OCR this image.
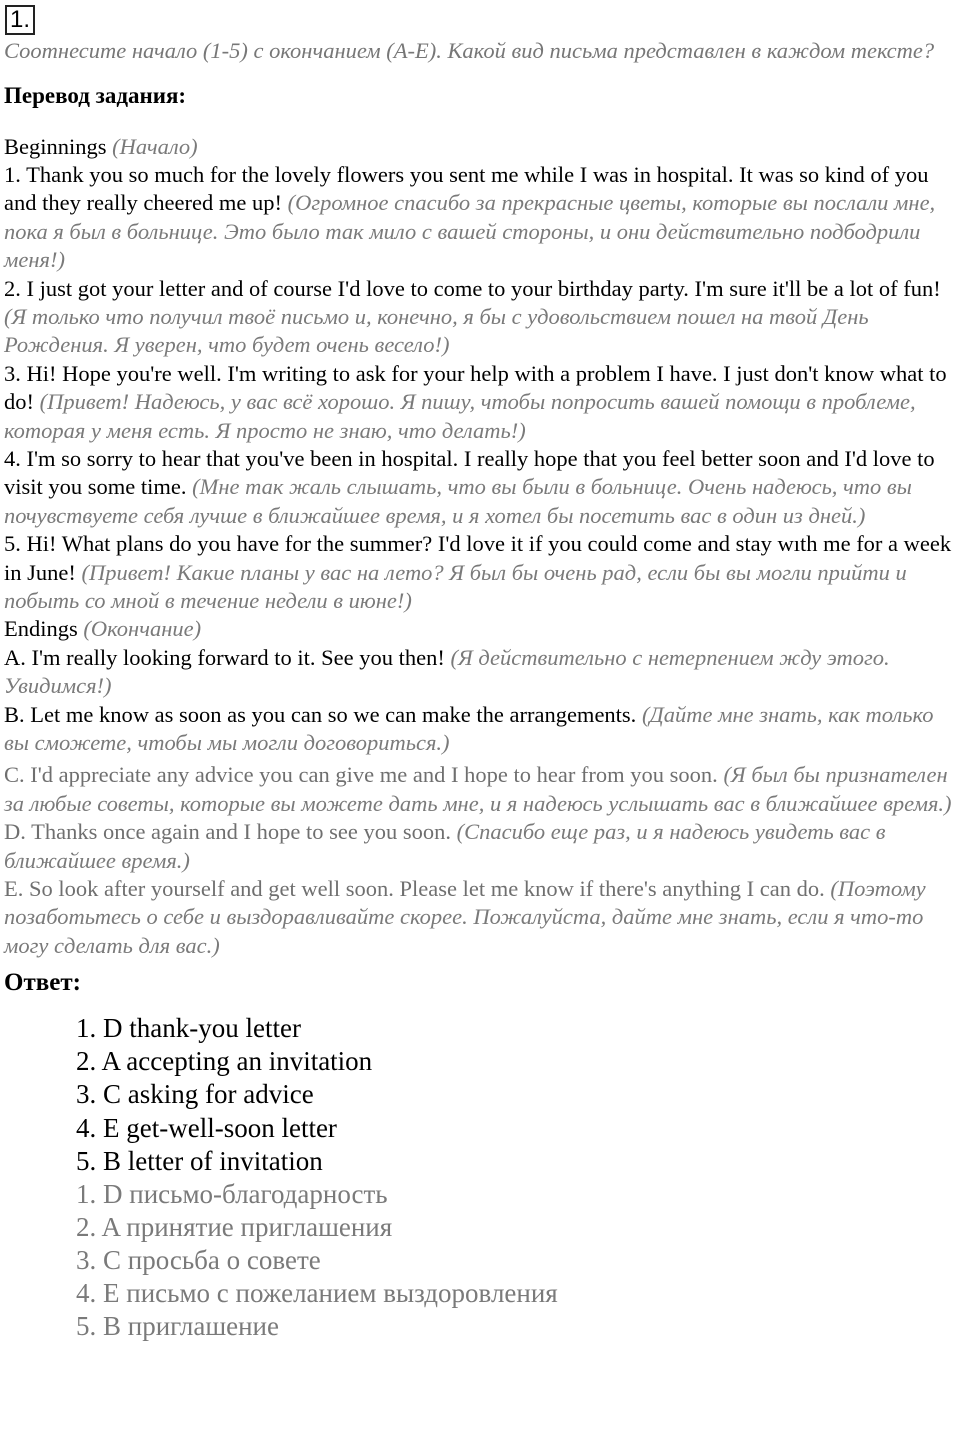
1.

Соотнесите начало (1-5) с окончанием (A-E). Какой вид письма представлен в каждом тексте?

Перевод задания:

Beginnings (Начало)

1. Thank you so much for the lovely flowers you sent me while I was in hospital. It was so kind of you and they really cheered me up! (Огромное спасибо за прекрасные цветы, которые вы послали мне, пока я был в больнице. Это было так мило с вашей стороны, и они действительно подбодрили меня!)

2. I just got your letter and of course I'd love to come to your birthday party. I'm sure it'll be a lot of fun! (Я только что получил твоё письмо и, конечно, я бы с удовольствием пошел на твой День Рождения. Я уверен, что будет очень весело!)

3. Hi! Hope you're well. I'm writing to ask for your help with a problem I have. I just don't know what to do! (Привет! Надеюсь, у вас всё хорошо. Я пишу, чтобы попросить вашей помощи в проблеме, которая у меня есть. Я просто не знаю, что делать!)

4. I'm so sorry to hear that you've been in hospital. I really hope that you feel better soon and I'd love to visit you some time. (Мне так жаль слышать, что вы были в больнице. Очень надеюсь, что вы почувствуете себя лучше в ближайшее время, и я хотел бы посетить вас в один из дней.)

5. Hi! What plans do you have for the summer? I'd love it if you could come and stay wıth me for a week in June! (Привет! Какие планы у вас на лето? Я был бы очень рад, если бы вы могли прийти и побыть со мной в течение недели в июне!)

Endings (Окончание)

A. I'm really looking forward to it. See you then! (Я действительно с нетерпением жду этого. Увидимся!)

B. Let me know as soon as you can so we can make the arrangements. (Дайте мне знать, как только вы сможете, чтобы мы могли договориться.)

C. I'd appreciate any advice you can give me and I hope to hear from you soon. (Я был бы признателен за любые советы, которые вы можете дать мне, и я надеюсь услышать вас в ближайшее время.)

D. Thanks once again and I hope to see you soon. (Спасибо еще раз, и я надеюсь увидеть вас в ближайшее время.)

E. So look after yourself and get well soon. Please let me know if there's anything I can do. (Поэтому позаботьтесь о себе и выздоравливайте скорее. Пожалуйста, дайте мне знать, если я что-то могу сделать для вас.)

Ответ:
1. D thank-you letter
2. A accepting an invitation
3. C asking for advice
4. E get-well-soon letter
5. B letter of invitation
1. D письмо-благодарность
2. A принятие приглашения
3. C просьба о совете
4. E письмо с пожеланием выздоровления
5. B приглашение
